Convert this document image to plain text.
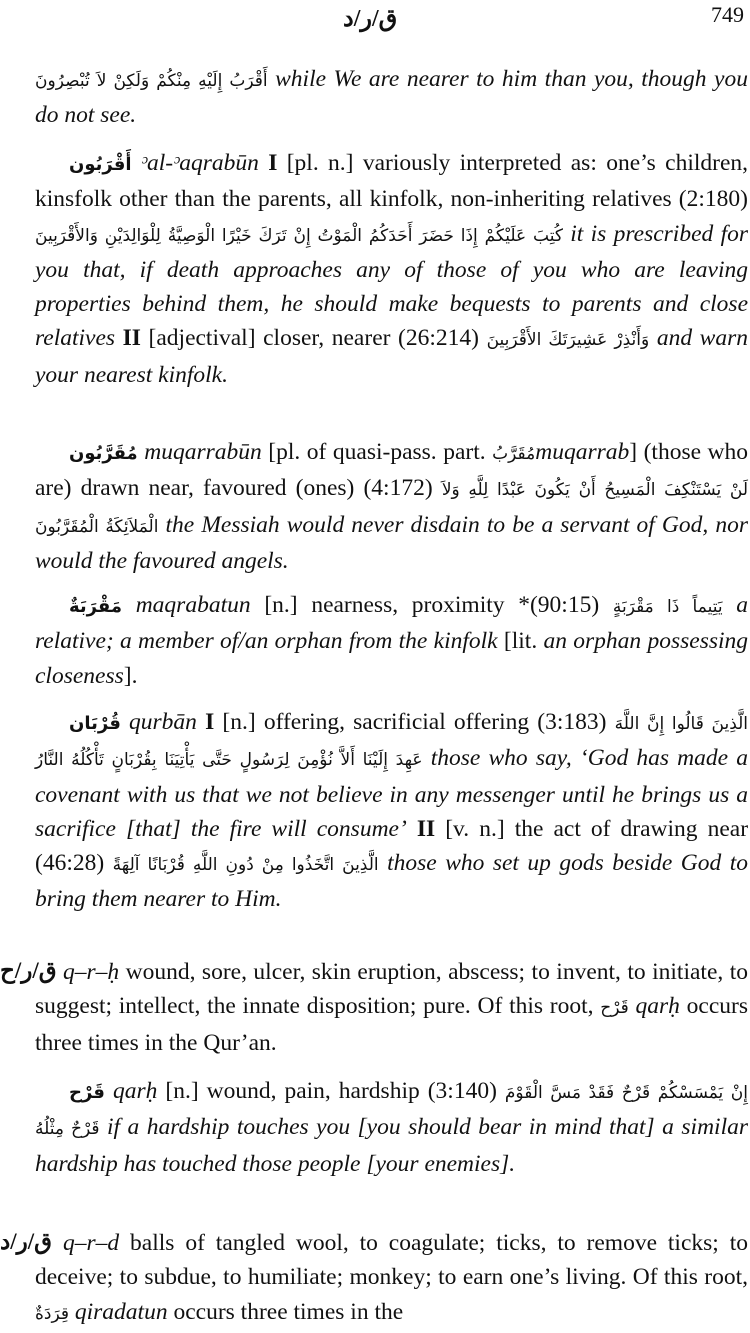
ق/ر/د	749

أَقْرَبُ إِلَيْهِ مِنْكُمْ وَلَكِنْ لاَ تُبْصِرُونَ while We are nearer to him than you, though you do not see.

أَقْرَبُون ᵓal-ᵓaqrabūn I [pl. n.] variously interpreted as: one’s children, kinsfolk other than the parents, all kinfolk, non-inheriting relatives (2:180) كُتِبَ عَلَيْكُمْ إِذَا حَضَرَ أَحَدَكُمُ الْمَوْتُ إِنْ تَرَكَ خَيْرًا الْوَصِيَّةُ لِلْوَالِدَيْنِ وَالأَقْرَبِينَ it is prescribed for you that, if death approaches any of those of you who are leaving properties behind them, he should make bequests to parents and close relatives II [adjectival] closer, nearer (26:214) وَأَنْذِرْ عَشِيرَتَكَ الأَقْرَبِينَ and warn your nearest kinfolk.

مُقَرَّبُون muqarrabūn [pl. of quasi-pass. part. مُقَرَّبُmuqarrab] (those who are) drawn near, favoured (ones) (4:172) لَنْ يَسْتَنْكِفَ الْمَسِيحُ أَنْ يَكُونَ عَبْدًا لِلَّهِ وَلاَ الْمَلاَئِكَةُ الْمُقَرَّبُونَ the Messiah would never disdain to be a servant of God, nor would the favoured angels.

مَقْرَبَةٌ maqrabatun [n.] nearness, proximity *(90:15) يَتِيماً ذَا مَقْرَبَةٍ a relative; a member of/an orphan from the kinfolk [lit. an orphan possessing closeness].

قُرْبَان qurbān I [n.] offering, sacrificial offering (3:183) الَّذِينَ قَالُوا إِنَّ اللَّهَ عَهِدَ إِلَيْنَا أَلاَّ نُؤْمِنَ لِرَسُولٍ حَتَّى يَأْتِيَنَا بِقُرْبَانٍ تَأْكُلُهُ النَّارُ those who say, ‘God has made a covenant with us that we not believe in any messenger until he brings us a sacrifice [that] the fire will consume’ II [v. n.] the act of drawing near (46:28) الَّذِينَ اتَّخَذُوا مِنْ دُونِ اللَّهِ قُرْبَانًا آلِهَةً those who set up gods beside God to bring them nearer to Him.

ق/ر/ح q–r–ḥ wound, sore, ulcer, skin eruption, abscess; to invent, to initiate, to suggest; intellect, the innate disposition; pure. Of this root, قَرْح qarḥ occurs three times in the Qur’an.

قَرْح qarḥ [n.] wound, pain, hardship (3:140) إِنْ يَمْسَسْكُمْ قَرْحٌ فَقَدْ مَسَّ الْقَوْمَ قَرْحٌ مِثْلُهُ if a hardship touches you [you should bear in mind that] a similar hardship has touched those people [your enemies].

ق/ر/د q–r–d balls of tangled wool, to coagulate; ticks, to remove ticks; to deceive; to subdue, to humiliate; monkey; to earn one’s living. Of this root, قِرَدَةٌ qiradatun occurs three times in the
